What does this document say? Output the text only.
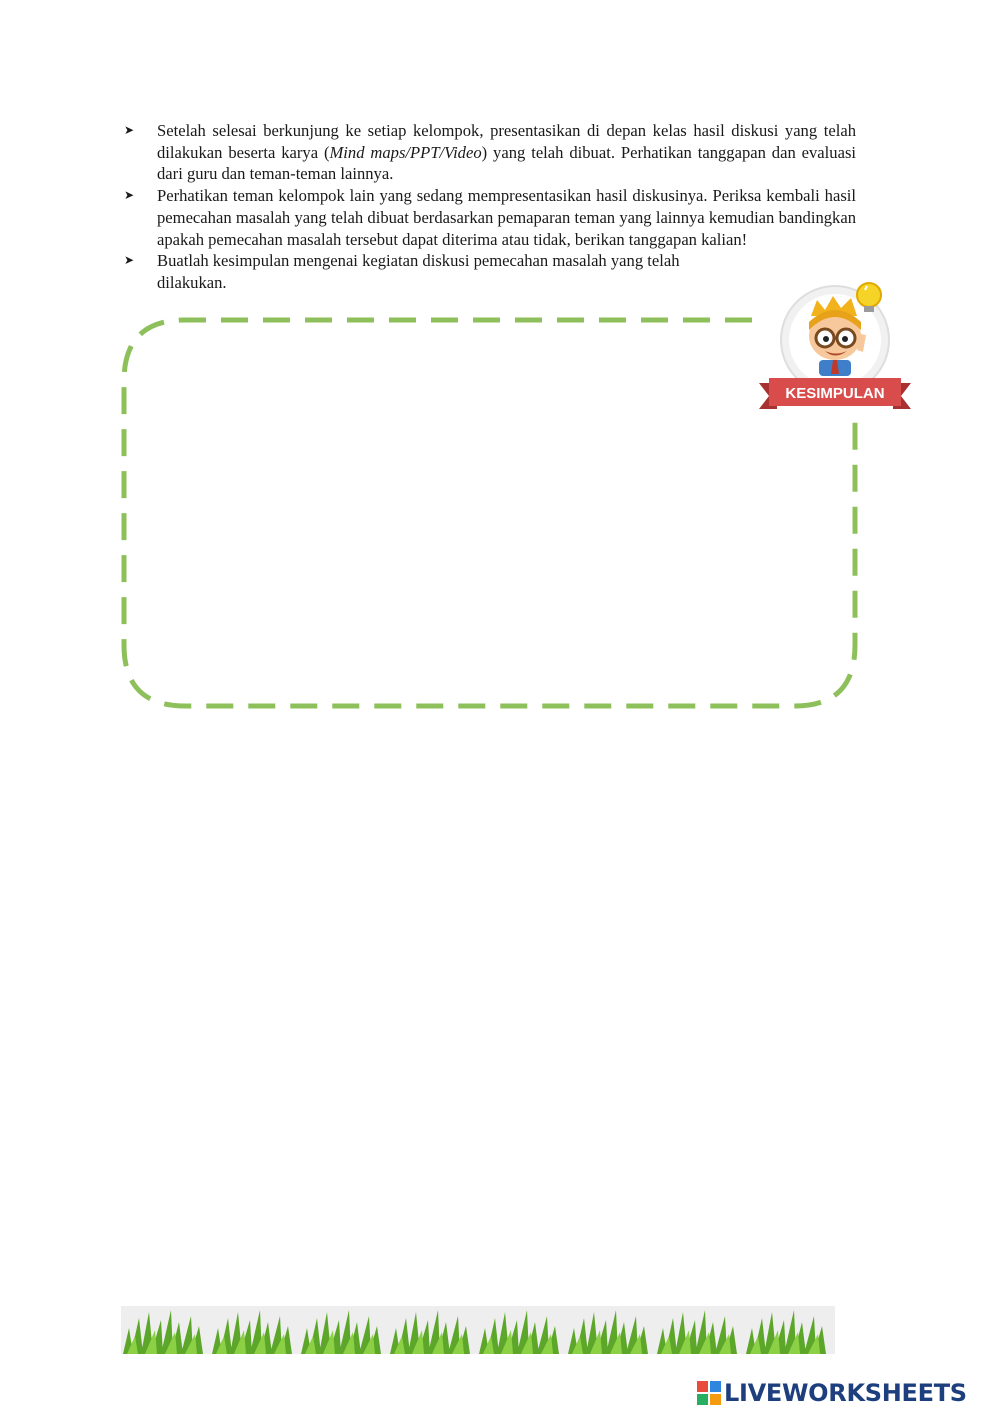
➤ Setelah selesai berkunjung ke setiap kelompok, presentasikan di depan kelas hasil diskusi yang telah dilakukan beserta karya (Mind maps/PPT/Video) yang telah dibuat. Perhatikan tanggapan dan evaluasi dari guru dan teman-teman lainnya.
➤ Perhatikan teman kelompok lain yang sedang mempresentasikan hasil diskusinya. Periksa kembali hasil pemecahan masalah yang telah dibuat berdasarkan pemaparan teman yang lainnya kemudian bandingkan apakah pemecahan masalah tersebut dapat diterima atau tidak, berikan tanggapan kalian!
➤ Buatlah kesimpulan mengenai kegiatan diskusi pemecahan masalah yang telah dilakukan.
KESIMPULAN
LIVEWORKSHEETS
